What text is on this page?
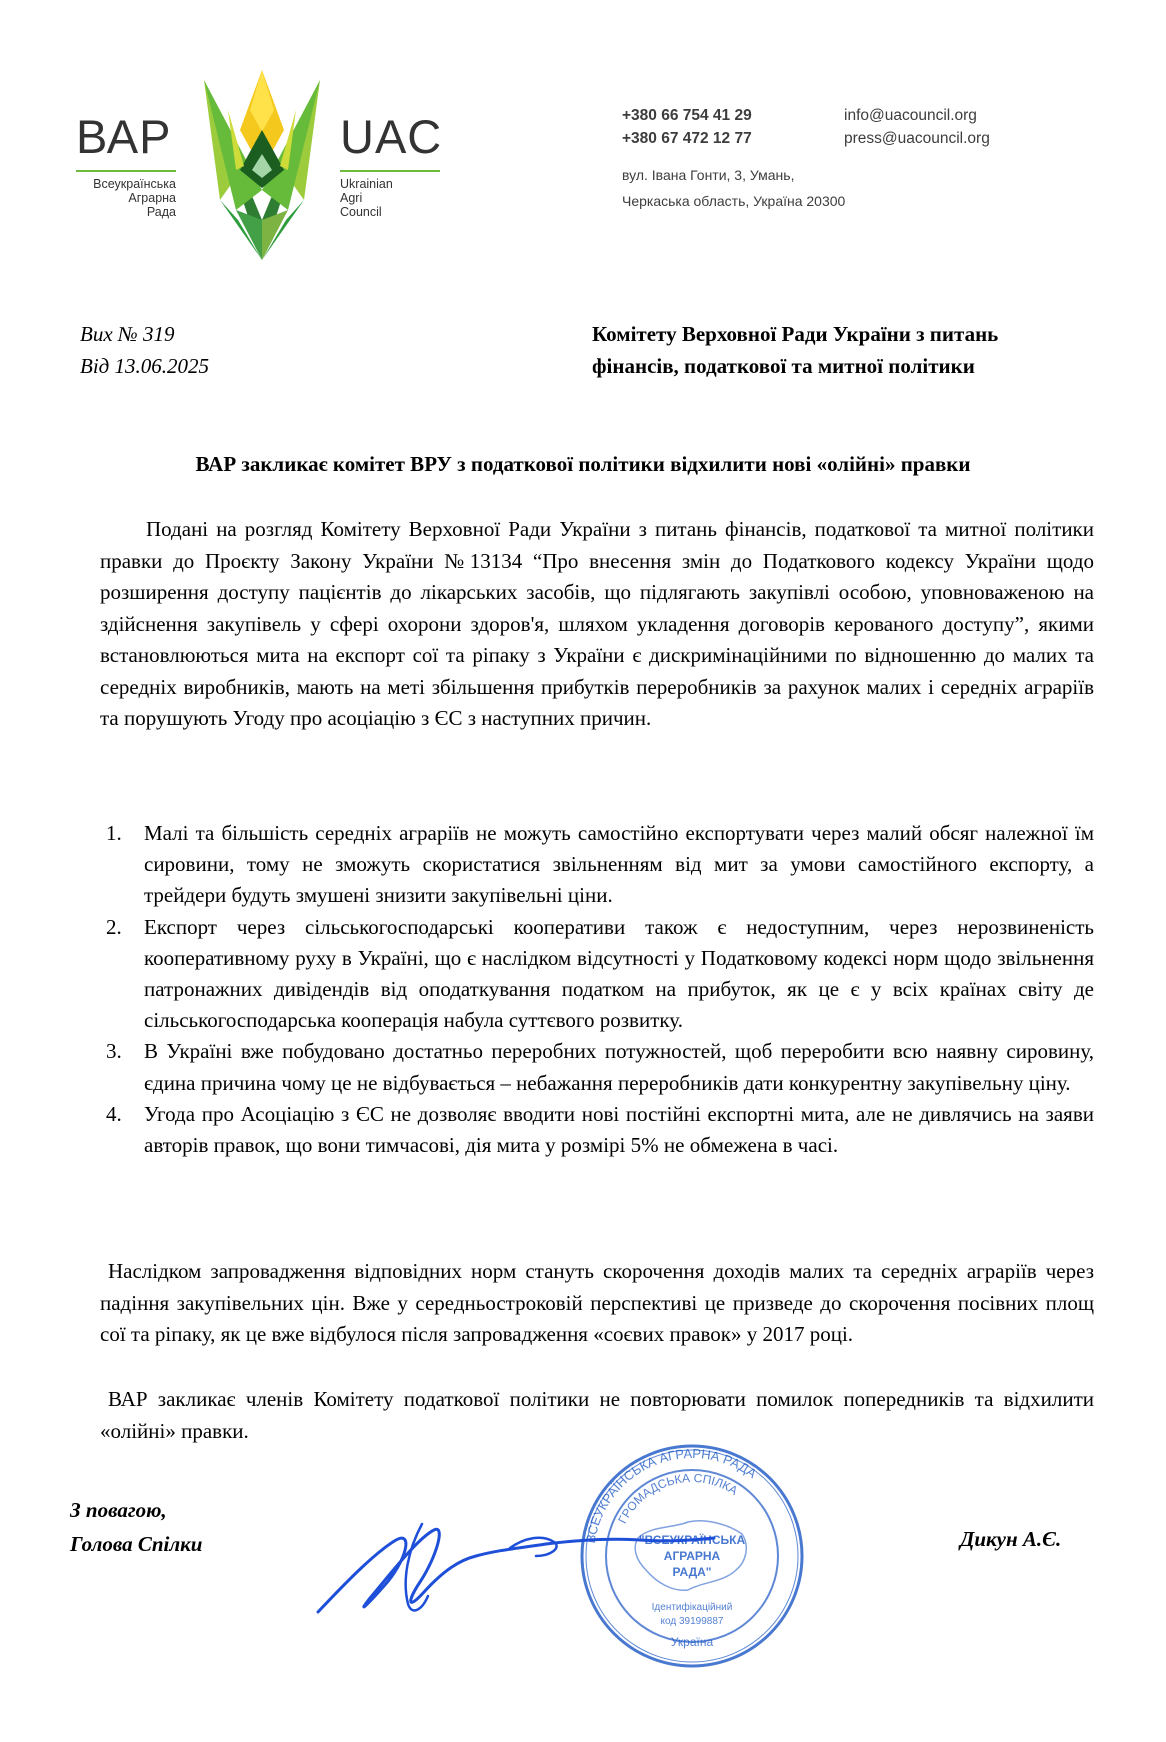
ВАР
Всеукраїнська
Аграрна
Рада
UAC
Ukrainian
Agri
Council
+380 66 754 41 29
+380 67 472 12 77
info@uacouncil.org
press@uacouncil.org
вул. Івана Гонти, 3, Умань,
Черкаська область, Україна 20300
Вих № 319
Від 13.06.2025
Комітету Верховної Ради України з питань
фінансів, податкової та митної політики
ВАР закликає комітет ВРУ з податкової політики відхилити нові «олійні» правки
Подані на розгляд Комітету Верховної Ради України з питань фінансів, податкової та митної політики правки до Проєкту Закону України №13134 “Про внесення змін до Податкового кодексу України щодо розширення доступу пацієнтів до лікарських засобів, що підлягають закупівлі особою, уповноваженою на здійснення закупівель у сфері охорони здоров'я, шляхом укладення договорів керованого доступу”, якими встановлюються мита на експорт сої та ріпаку з України є дискримінаційними по відношенню до малих та середніх виробників, мають на меті збільшення прибутків переробників за рахунок малих і середніх аграріїв та порушують Угоду про асоціацію з ЄС з наступних причин.
1. Малі та більшість середніх аграріїв не можуть самостійно експортувати через малий обсяг належної їм сировини, тому не зможуть скористатися звільненням від мит за умови самостійного експорту, а трейдери будуть змушені знизити закупівельні ціни.
2. Експорт через сільськогосподарські кооперативи також є недоступним, через нерозвиненість кооперативному руху в Україні, що є наслідком відсутності у Податковому кодексі норм щодо звільнення патронажних дивідендів від оподаткування податком на прибуток, як це є у всіх країнах світу де сільськогосподарська кооперація набула суттєвого розвитку.
3. В Україні вже побудовано достатньо переробних потужностей, щоб переробити всю наявну сировину, єдина причина чому це не відбувається – небажання переробників дати конкурентну закупівельну ціну.
4. Угода про Асоціацію з ЄС не дозволяє вводити нові постійні експортні мита, але не дивлячись на заяви авторів правок, що вони тимчасові, дія мита у розмірі 5% не обмежена в часі.
Наслідком запровадження відповідних норм стануть скорочення доходів малих та середніх аграріїв через падіння закупівельних цін. Вже у середньостроковій перспективі це призведе до скорочення посівних площ сої та ріпаку, як це вже відбулося після запровадження «соєвих правок» у 2017 році.
ВАР закликає членів Комітету податкової політики не повторювати помилок попередників та відхилити «олійні» правки.
З повагою,
Голова Спілки	Дикун А.Є.
ВСЕУКРАЇНСЬКА АГРАРНА РАДА
ГРОМАДСЬКА СПІЛКА
"ВСЕУКРАЇНСЬКА
АГРАРНА
РАДА"
Ідентифікаційний
код 39199887
Україна
